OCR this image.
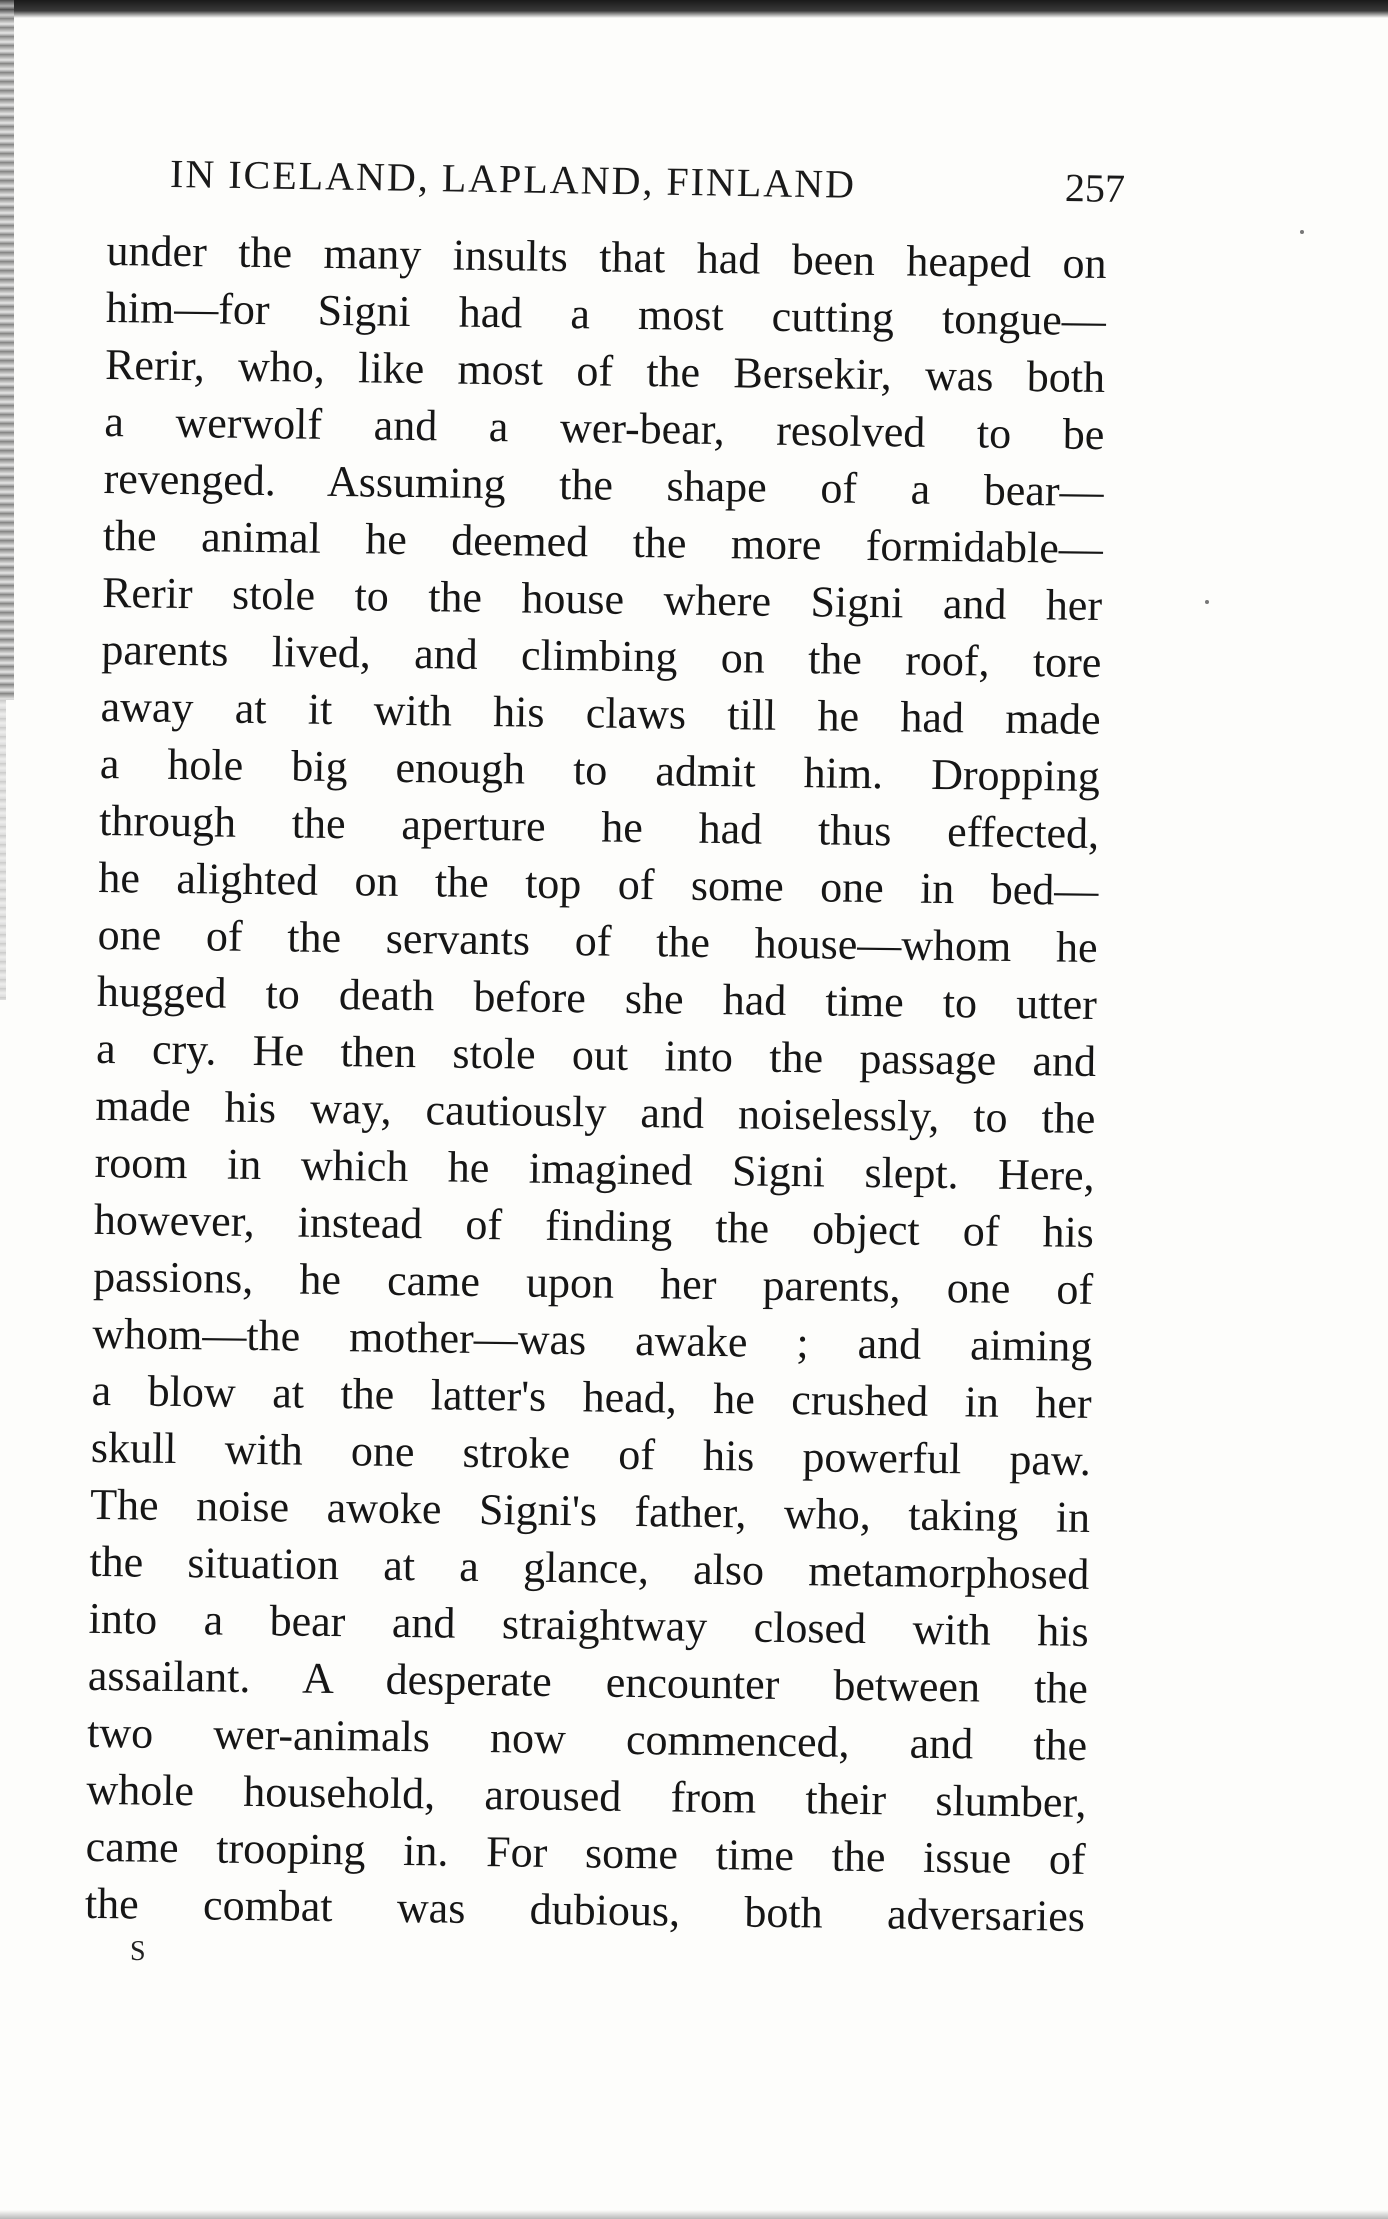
IN ICELAND, LAPLAND, FINLAND	257
under the many insults that had been heaped on
him—for Signi had a most cutting tongue—
Rerir, who, like most of the Bersekir, was both
a werwolf and a wer-bear, resolved to be
revenged. Assuming the shape of a bear—
the animal he deemed the more formidable—
Rerir stole to the house where Signi and her
parents lived, and climbing on the roof, tore
away at it with his claws till he had made
a hole big enough to admit him. Dropping
through the aperture he had thus effected,
he alighted on the top of some one in bed—
one of the servants of the house—whom he
hugged to death before she had time to utter
a cry. He then stole out into the passage and
made his way, cautiously and noiselessly, to the
room in which he imagined Signi slept. Here,
however, instead of finding the object of his
passions, he came upon her parents, one of
whom—the mother—was awake ; and aiming
a blow at the latter's head, he crushed in her
skull with one stroke of his powerful paw.
The noise awoke Signi's father, who, taking in
the situation at a glance, also metamorphosed
into a bear and straightway closed with his
assailant. A desperate encounter between the
two wer-animals now commenced, and the
whole household, aroused from their slumber,
came trooping in. For some time the issue of
the combat was dubious, both adversaries
S
